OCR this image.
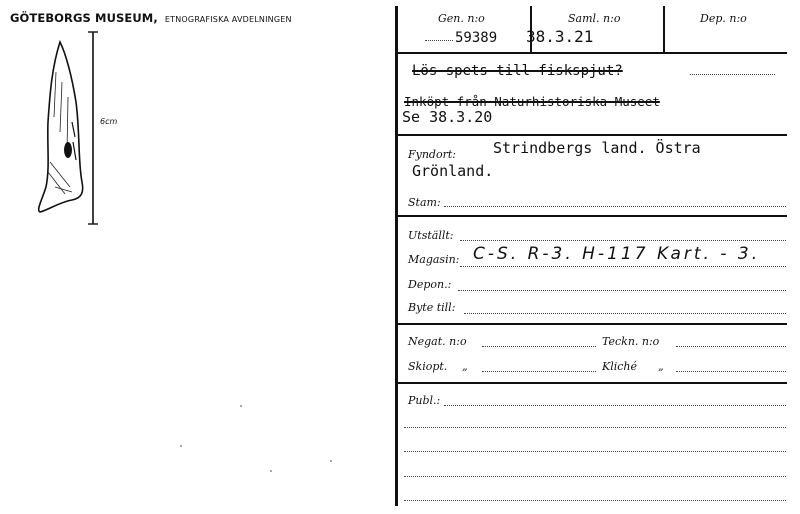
GÖTEBORGS MUSEUM, ETNOGRAFISKA AVDELNINGEN
6cm
Gen. n:o
59389
Saml. n:o
38.3.21
Dep. n:o
Lös spets till fiskspjut?
Inköpt från Naturhistoriska Museet
Se 38.3.20
Fyndort: Strindbergs land. Östra
Grönland.
Stam:
Utställt:
Magasin: C-S. R-3. H-117 Kart. - 3.
Depon.:
Byte till:
Negat. n:o	Teckn. n:o
Skiopt. „	Kliché „
Publ.:
